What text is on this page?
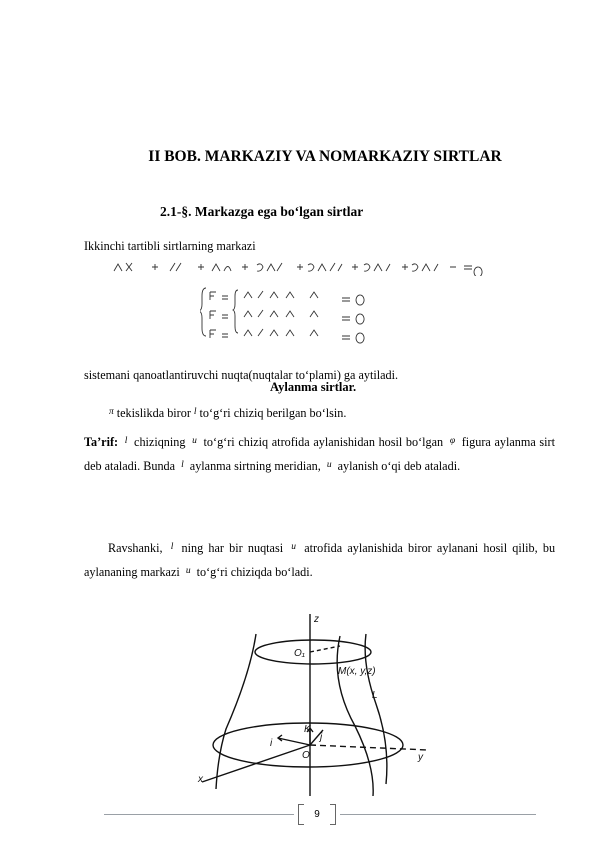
II BOB. MARKAZIY VA NOMARKAZIY SIRTLAR
2.1-§. Markazga ega bo‘lgan sirtlar
Ikkinchi tartibli sirtlarning markazi
sistemani qanoatlantiruvchi nuqta(nuqtalar to‘plami) ga aytiladi.
Aylanma sirtlar.
$^\pi$ tekislikda biror $^l$ to‘g‘ri chiziq berilgan bo‘lsin.
Ta’rif: $^l$ chiziqning $^u$ to‘g‘ri chiziq atrofida aylanishidan hosil bo‘lgan $^\varphi$ figura aylanma sirt deb ataladi. Bunda $^l$ aylanma sirtning meridian, $^u$ aylanish o‘qi deb ataladi.
Ravshanki, $^l$ ning har bir nuqtasi $^u$ atrofida aylanishida biror aylanani hosil qilib, bu aylananing markazi $^u$ to‘g‘ri chiziqda bo‘ladi.
z
O₁
M(x, y,z)
L
K
j
i
O
x
y
9
